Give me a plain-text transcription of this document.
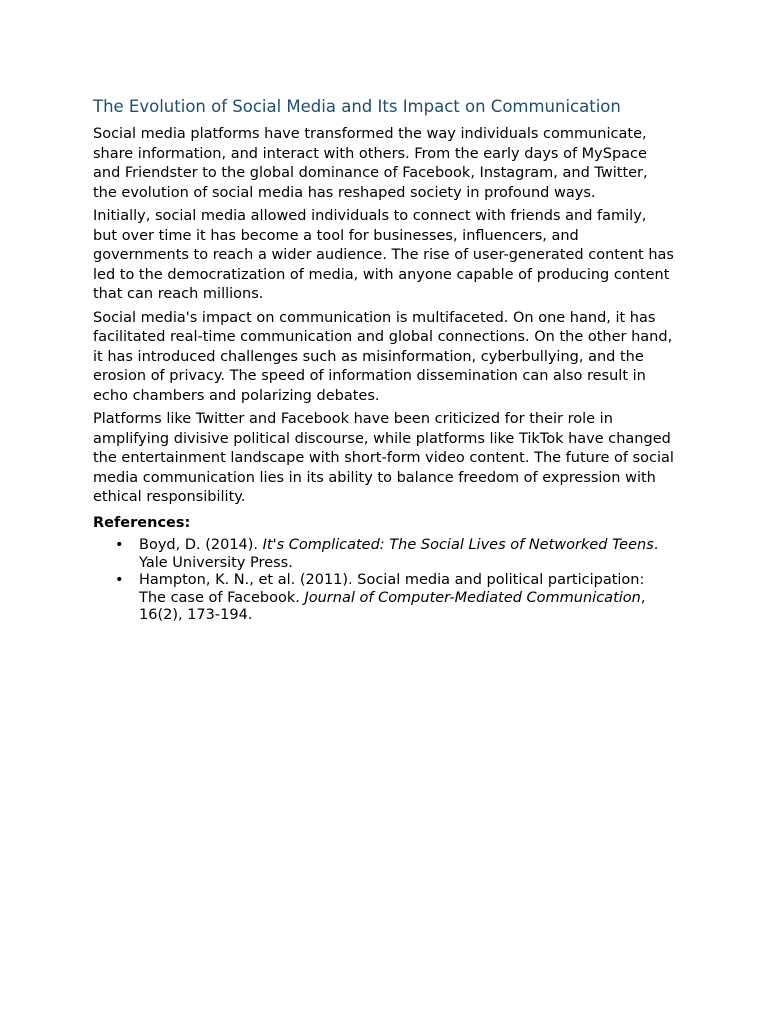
The Evolution of Social Media and Its Impact on Communication

Social media platforms have transformed the way individuals communicate, share information, and interact with others. From the early days of MySpace and Friendster to the global dominance of Facebook, Instagram, and Twitter, the evolution of social media has reshaped society in profound ways.

Initially, social media allowed individuals to connect with friends and family, but over time it has become a tool for businesses, influencers, and governments to reach a wider audience. The rise of user-generated content has led to the democratization of media, with anyone capable of producing content that can reach millions.

Social media's impact on communication is multifaceted. On one hand, it has facilitated real-time communication and global connections. On the other hand, it has introduced challenges such as misinformation, cyberbullying, and the erosion of privacy. The speed of information dissemination can also result in echo chambers and polarizing debates.

Platforms like Twitter and Facebook have been criticized for their role in amplifying divisive political discourse, while platforms like TikTok have changed the entertainment landscape with short-form video content. The future of social media communication lies in its ability to balance freedom of expression with ethical responsibility.

References:
• Boyd, D. (2014). It's Complicated: The Social Lives of Networked Teens. Yale University Press.
• Hampton, K. N., et al. (2011). Social media and political participation: The case of Facebook. Journal of Computer-Mediated Communication, 16(2), 173-194.
